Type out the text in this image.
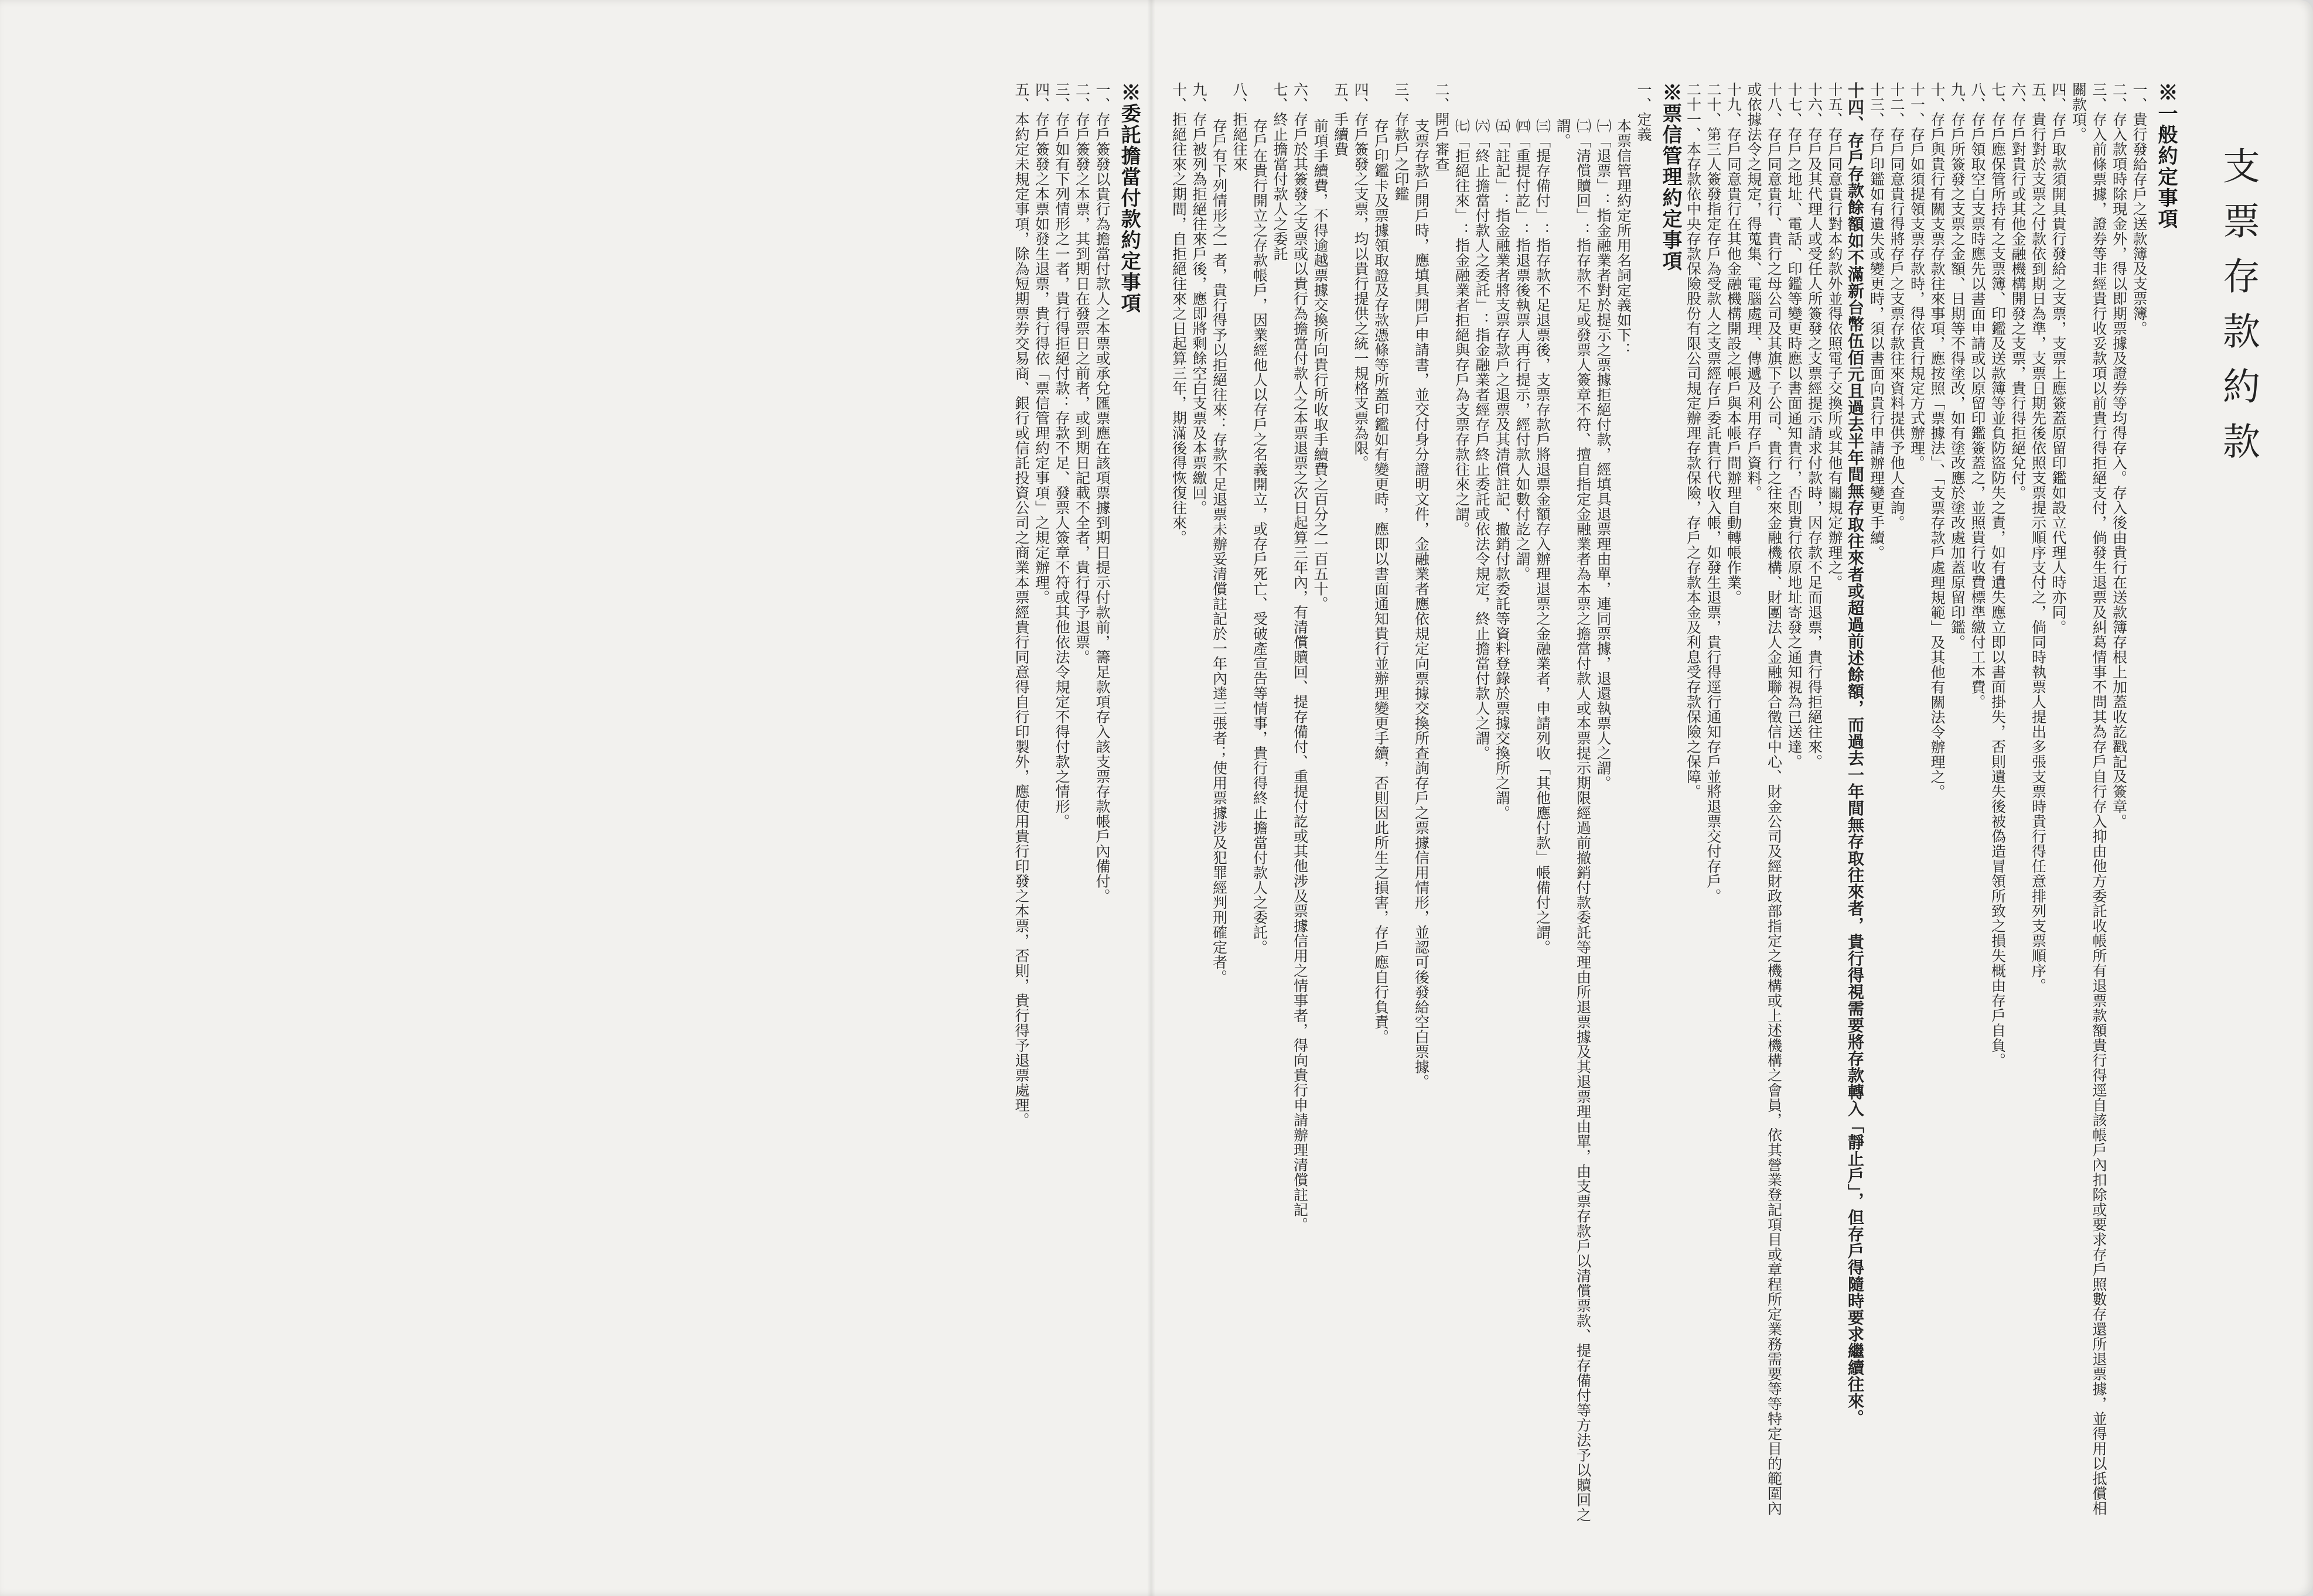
支票存款約款
※一般約定事項

一、貴行發給存戶之送款簿及支票簿。

二、存入款項時除現金外，得以即期票據及證券等均得存入。存入後由貴行在送款簿存根上加蓋收訖戳記及簽章。

三、存入前條票據，證券等非經貴行收妥款項以前貴行得拒絕支付，倘發生退票及糾葛情事不問其為存戶自行存入抑由他方委託收帳所有退票款額貴行得逕自該帳戶內扣除或要求存戶照數存還所退票據，並得用以抵償相關款項。

四、存戶取款須開具貴行發給之支票，支票上應簽蓋原留印鑑如設立代理人時亦同。

五、貴行對於支票之付款依到期日為準，支票日期先後依照支票提示順序支付之，倘同時執票人提出多張支票時貴行得任意排列支票順序。

六、存戶對貴行或其他金融機構開發之支票，貴行得拒絕兌付。

七、存戶應保管所持有之支票簿、印鑑及送款簿等並負防盜防失之責，如有遺失應立即以書面掛失，否則遺失後被偽造冒領所致之損失概由存戶自負。

八、存戶領取空白支票時應先以書面申請或以原留印鑑簽蓋之，並照貴行收費標準繳付工本費。

九、存戶所簽發之支票之金額、日期等不得塗改，如有塗改應於塗改處加蓋原留印鑑。

十、存戶與貴行有關支票存款往來事項，應按照「票據法」、「支票存款戶處理規範」及其他有關法令辦理之。

十一、存戶如須提領支票存款時，得依貴行規定方式辦理。

十二、存戶同意貴行得將存戶之支票存款往來資料提供予他人查詢。

十三、存戶印鑑如有遺失或變更時，須以書面向貴行申請辦理變更手續。

十四、存戶存款餘額如不滿新台幣伍佰元且過去半年間無存取往來者或超過前述餘額，而過去一年間無存取往來者，貴行得視需要將存款轉入「靜止戶」，但存戶得隨時要求繼續往來。

十五、存戶同意貴行對本約款外並得依照電子交換所或其他有關規定辦理之。

十六、存戶及其代理人或受任人所簽發之支票經提示請求付款時，因存款不足而退票，貴行得拒絕往來。

十七、存戶之地址、電話、印鑑等變更時應以書面通知貴行，否則貴行依原地址寄發之通知視為已送達。

十八、存戶同意貴行、貴行之母公司及其旗下子公司、貴行之往來金融機構、財團法人金融聯合徵信中心、財金公司及經財政部指定之機構或上述機構之會員，依其營業登記項目或章程所定業務需要等等特定目的範圍內或依據法令之規定，得蒐集、電腦處理、傳遞及利用存戶資料。

十九、存戶同意貴行在其他金融機構開設之帳戶與本帳戶間辦理自動轉帳作業。

二十、第三人簽發指定存戶為受款人之支票經存戶委託貴行代收入帳，如發生退票，貴行得逕行通知存戶並將退票交付存戶。

二十一、本存款依中央存款保險股份有限公司規定辦理存款保險，存戶之存款本金及利息受存款保險之保障。

※票信管理約定事項

一、定義

本票信管理約定所用名詞定義如下：

㈠「退票」：指金融業者對於提示之票據拒絕付款，經填具退票理由單，連同票據，退還執票人之謂。

㈡「清償贖回」：指存款不足或發票人簽章不符、擅自指定金融業者為本票之擔當付款人或本票提示期限經過前撤銷付款委託等理由所退票據及其退票理由單，由支票存款戶以清償票款、提存備付等方法予以贖回之謂。

㈢「提存備付」：指存款不足退票後，支票存款戶將退票金額存入辦理退票之金融業者，申請列收「其他應付款」帳備付之謂。

㈣「重提付訖」：指退票後執票人再行提示，經付款人如數付訖之謂。

㈤「註記」：指金融業者將支票存款戶之退票及其清償註記、撤銷付款委託等資料登錄於票據交換所之謂。

㈥「終止擔當付款人之委託」：指金融業者經存戶終止委託或依法令規定，終止擔當付款人之謂。

㈦「拒絕往來」：指金融業者拒絕與存戶為支票存款往來之謂。

二、開戶審查

支票存款戶開戶時，應填具開戶申請書，並交付身分證明文件，金融業者應依規定向票據交換所查詢存戶之票據信用情形，並認可後發給空白票據。

三、存款戶之印鑑

存戶印鑑卡及票據領取證及存款憑條等所蓋印鑑如有變更時，應即以書面通知貴行並辦理變更手續，否則因此所生之損害，存戶應自行負責。

四、存戶簽發之支票，均以貴行提供之統一規格支票為限。

五、手續費

前項手續費，不得逾越票據交換所向貴行所收取手續費之百分之一百五十。

六、存戶於其簽發之支票或以貴行為擔當付款人之本票退票之次日起算三年內，有清償贖回、提存備付、重提付訖或其他涉及票據信用之情事者，得向貴行申請辦理清償註記。

七、終止擔當付款人之委託

存戶在貴行開立之存款帳戶，因業經他人以存戶之名義開立，或存戶死亡、受破產宣告等情事，貴行得終止擔當付款人之委託。

八、拒絕往來

存戶有下列情形之一者，貴行得予以拒絕往來：存款不足退票未辦妥清償註記於一年內達三張者；使用票據涉及犯罪經判刑確定者。

九、存戶被列為拒絕往來戶後，應即將剩餘空白支票及本票繳回。

十、拒絕往來之期間，自拒絕往來之日起算三年，期滿後得恢復往來。

※委託擔當付款約定事項

一、存戶簽發以貴行為擔當付款人之本票或承兌匯票應在該項票據到期日提示付款前，籌足款項存入該支票存款帳戶內備付。

二、存戶簽發之本票，其到期日在發票日之前者，或到期日記載不全者，貴行得予退票。

三、存戶如有下列情形之一者，貴行得拒絕付款：存款不足、發票人簽章不符或其他依法令規定不得付款之情形。

四、存戶簽發之本票如發生退票，貴行得依「票信管理約定事項」之規定辦理。

五、本約定未規定事項，除為短期票券交易商、銀行或信託投資公司之商業本票經貴行同意得自行印製外，應使用貴行印發之本票，否則，貴行得予退票處理。
